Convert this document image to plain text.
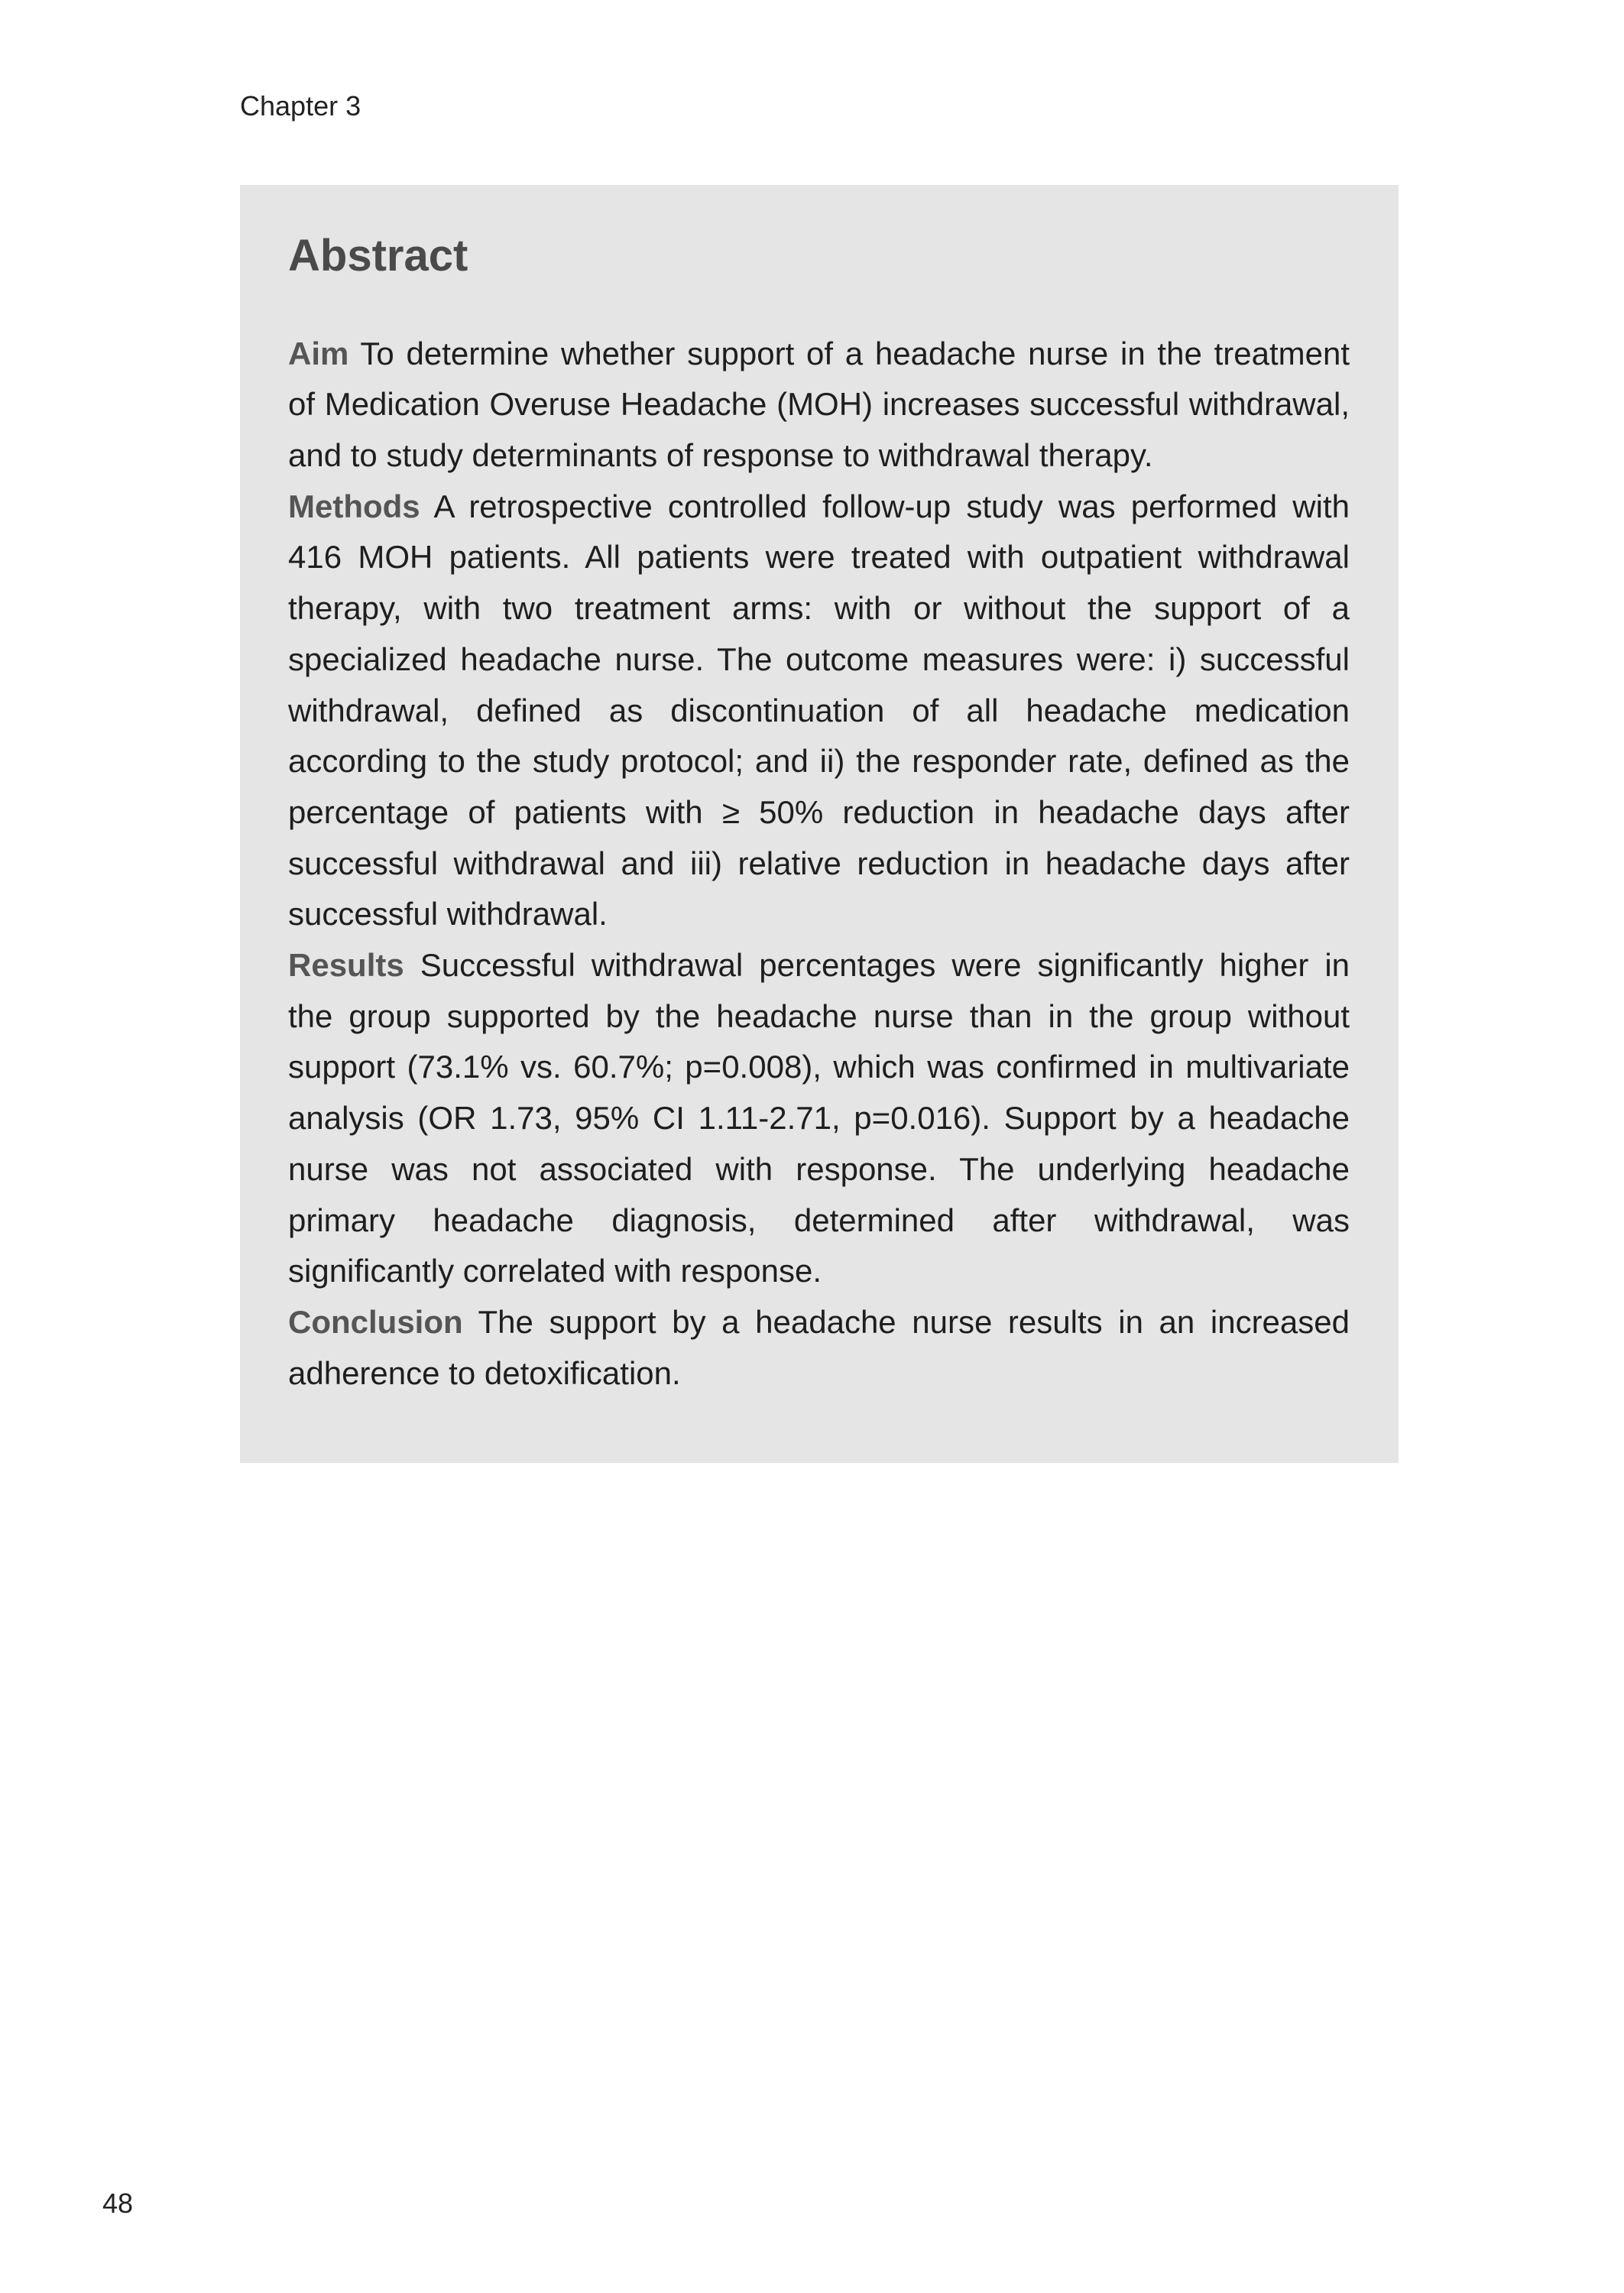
Chapter 3
Abstract

Aim To determine whether support of a headache nurse in the treatment of Medication Overuse Headache (MOH) increases successful withdrawal, and to study determinants of response to withdrawal therapy.

Methods A retrospective controlled follow-up study was performed with 416 MOH patients. All patients were treated with outpatient withdrawal therapy, with two treatment arms: with or without the support of a specialized headache nurse. The outcome measures were: i) successful withdrawal, defined as discontinuation of all headache medication according to the study protocol; and ii) the responder rate, defined as the percentage of patients with ≥ 50% reduction in headache days after successful withdrawal and iii) relative reduction in headache days after successful withdrawal.

Results Successful withdrawal percentages were significantly higher in the group supported by the headache nurse than in the group without support (73.1% vs. 60.7%; p=0.008), which was confirmed in multivariate analysis (OR 1.73, 95% CI 1.11-2.71, p=0.016). Support by a headache nurse was not associated with response. The underlying headache primary headache diagnosis, determined after withdrawal, was significantly correlated with response.

Conclusion The support by a headache nurse results in an increased adherence to detoxification.

48
